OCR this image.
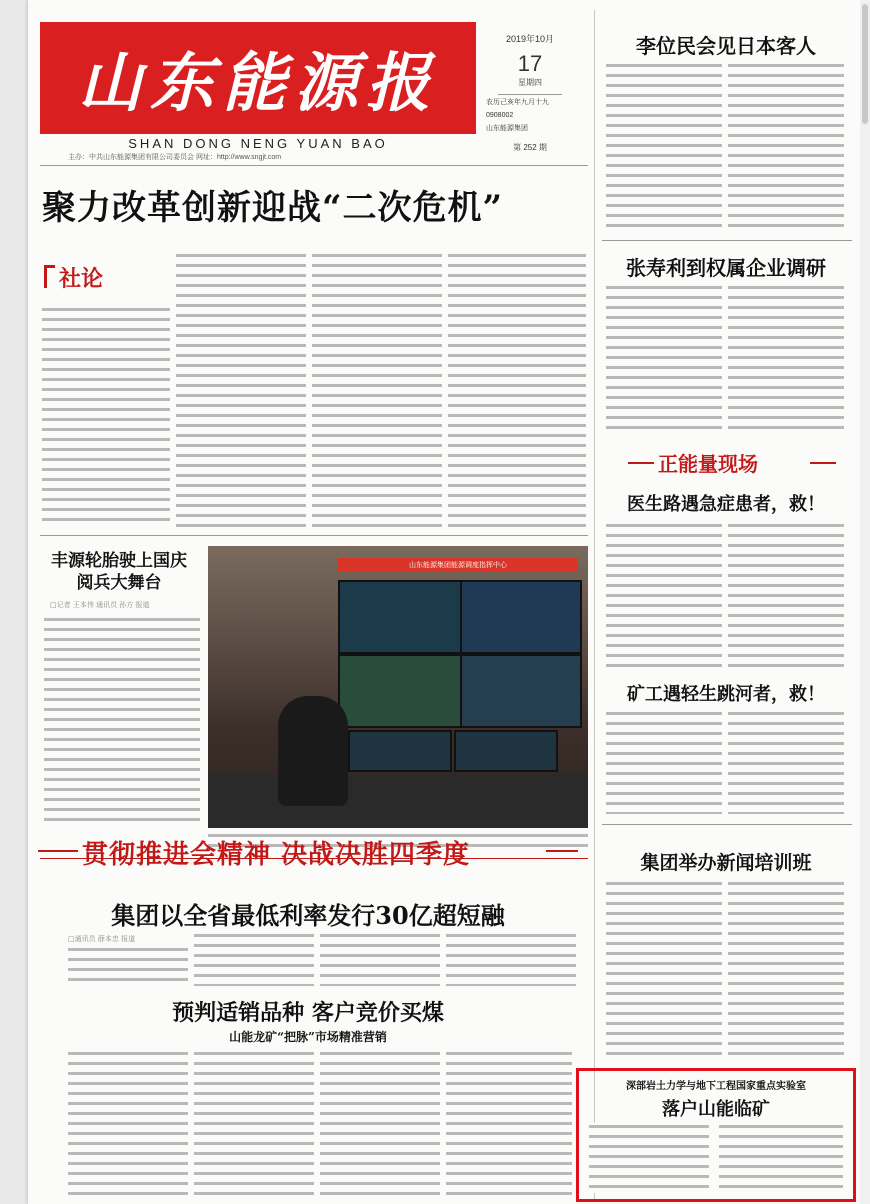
山东能源报
SHAN DONG NENG YUAN BAO
2019年10月
17
星期四
农历己亥年九月十九
0908002
山东能源集团
第 252 期
主办：中共山东能源集团有限公司委员会 网址：http://www.sngjt.com
聚力改革创新迎战“二次危机”
社论
丰源轮胎驶上国庆阅兵大舞台
□记者 王本伟 通讯员 孙方 报道
山东能源集团能源调度指挥中心
贯彻推进会精神 决战决胜四季度
集团以全省最低利率发行30亿超短融
□通讯员 薛本忠 报道
预判适销品种 客户竞价买煤
山能龙矿“把脉”市场精准营销
李位民会见日本客人
张寿利到权属企业调研
正能量现场
医生路遇急症患者，救！
矿工遇轻生跳河者，救！
集团举办新闻培训班
深部岩土力学与地下工程国家重点实验室
落户山能临矿
